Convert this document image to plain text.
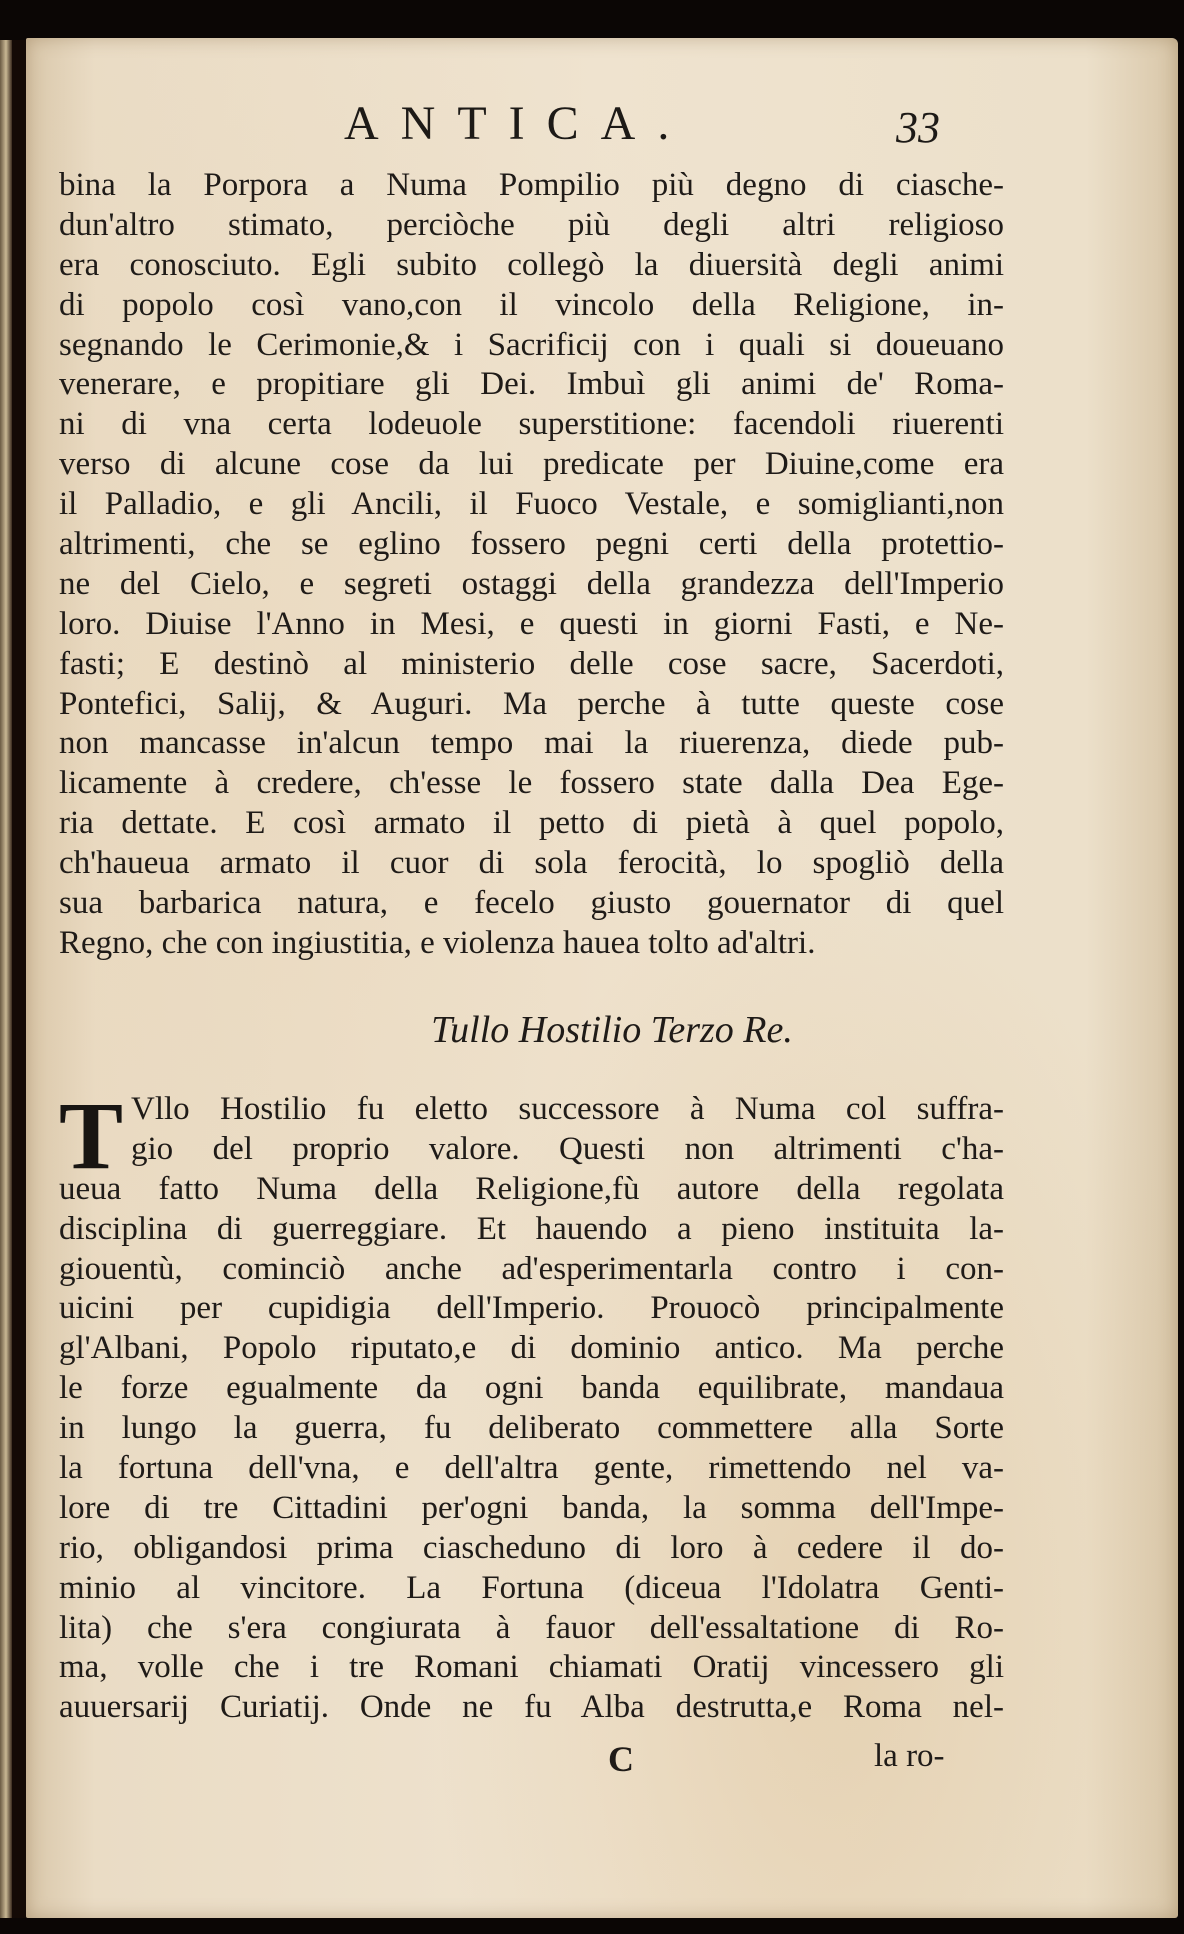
ANTICA.	33
bina la Porpora a Numa Pompilio più degno di ciasche-
dun'altro stimato, perciòche più degli altri religioso
era conosciuto. Egli subito collegò la diuersità degli animi
di popolo così vano,con il vincolo della Religione, in-
segnando le Cerimonie,& i Sacrificij con i quali si doueuano
venerare, e propitiare gli Dei. Imbuì gli animi de' Roma-
ni di vna certa lodeuole superstitione: facendoli riuerenti
verso di alcune cose da lui predicate per Diuine,come era
il Palladio, e gli Ancili, il Fuoco Vestale, e somiglianti,non
altrimenti, che se eglino fossero pegni certi della protettio-
ne del Cielo, e segreti ostaggi della grandezza dell'Imperio
loro. Diuise l'Anno in Mesi, e questi in giorni Fasti, e Ne-
fasti; E destinò al ministerio delle cose sacre, Sacerdoti,
Pontefici, Salij, & Auguri. Ma perche à tutte queste cose
non mancasse in'alcun tempo mai la riuerenza, diede pub-
licamente à credere, ch'esse le fossero state dalla Dea Ege-
ria dettate. E così armato il petto di pietà à quel popolo,
ch'haueua armato il cuor di sola ferocità, lo spogliò della
sua barbarica natura, e fecelo giusto gouernator di quel
Regno, che con ingiustitia, e violenza hauea tolto ad'altri.
Tullo Hostilio Terzo Re.
T Vllo Hostilio fu eletto successore à Numa col suffra-
gio del proprio valore. Questi non altrimenti c'ha-
ueua fatto Numa della Religione,fù autore della regolata
disciplina di guerreggiare. Et hauendo a pieno instituita la-
giouentù, cominciò anche ad'esperimentarla contro i con-
uicini per cupidigia dell'Imperio. Prouocò principalmente
gl'Albani, Popolo riputato,e di dominio antico. Ma perche
le forze egualmente da ogni banda equilibrate, mandaua
in lungo la guerra, fu deliberato commettere alla Sorte
la fortuna dell'vna, e dell'altra gente, rimettendo nel va-
lore di tre Cittadini per'ogni banda, la somma dell'Impe-
rio, obligandosi prima ciascheduno di loro à cedere il do-
minio al vincitore. La Fortuna (diceua l'Idolatra Genti-
lita) che s'era congiurata à fauor dell'essaltatione di Ro-
ma, volle che i tre Romani chiamati Oratij vincessero gli
auuersarij Curiatij. Onde ne fu Alba destrutta,e Roma nel-
C	la ro-
